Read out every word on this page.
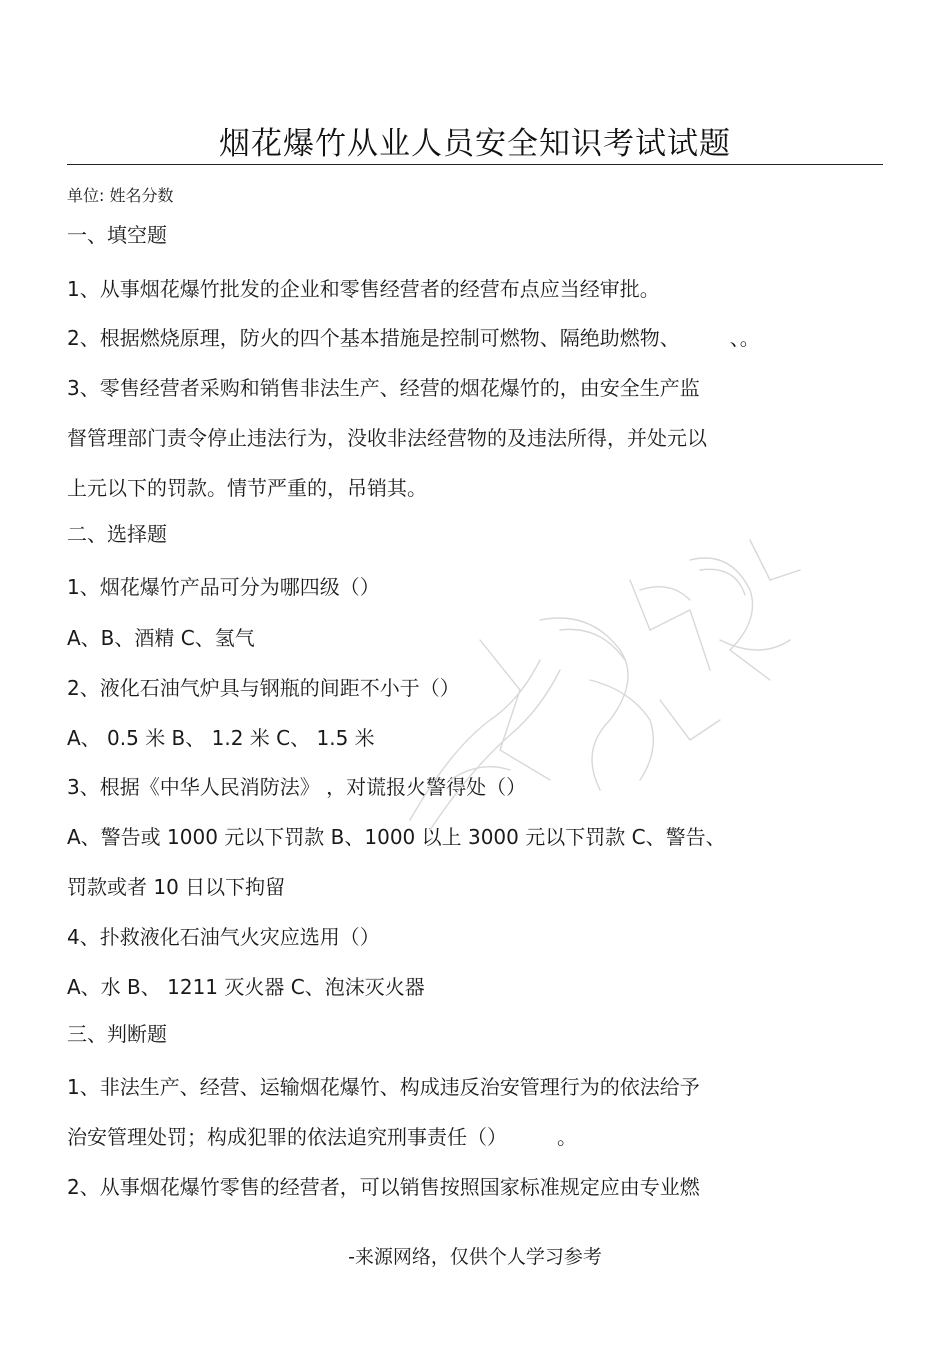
烟花爆竹从业人员安全知识考试试题
单位: 姓名分数
一、填空题
1、从事烟花爆竹批发的企业和零售经营者的经营布点应当经审批。
2、根据燃烧原理，防火的四个基本措施是控制可燃物、隔绝助燃物、　　　、。
3、零售经营者采购和销售非法生产、经营的烟花爆竹的，由安全生产监
督管理部门责令停止违法行为，没收非法经营物的及违法所得，并处元以
上元以下的罚款。情节严重的，吊销其。
二、选择题
1、烟花爆竹产品可分为哪四级（）
A、B、酒精 C、氢气
2、液化石油气炉具与钢瓶的间距不小于（）
A、 0.5 米 B、 1.2 米 C、 1.5 米
3、根据《中华人民消防法》 ，对谎报火警得处（）
A、警告或 1000 元以下罚款 B、1000 以上 3000 元以下罚款 C、警告、
罚款或者 10 日以下拘留
4、扑救液化石油气火灾应选用（）
A、水 B、 1211 灭火器 C、泡沫灭火器
三、判断题
1、非法生产、经营、运输烟花爆竹、构成违反治安管理行为的依法给予
治安管理处罚；构成犯罪的依法追究刑事责任（）　　　。
2、从事烟花爆竹零售的经营者，可以销售按照国家标准规定应由专业燃
-来源网络，仅供个人学习参考
